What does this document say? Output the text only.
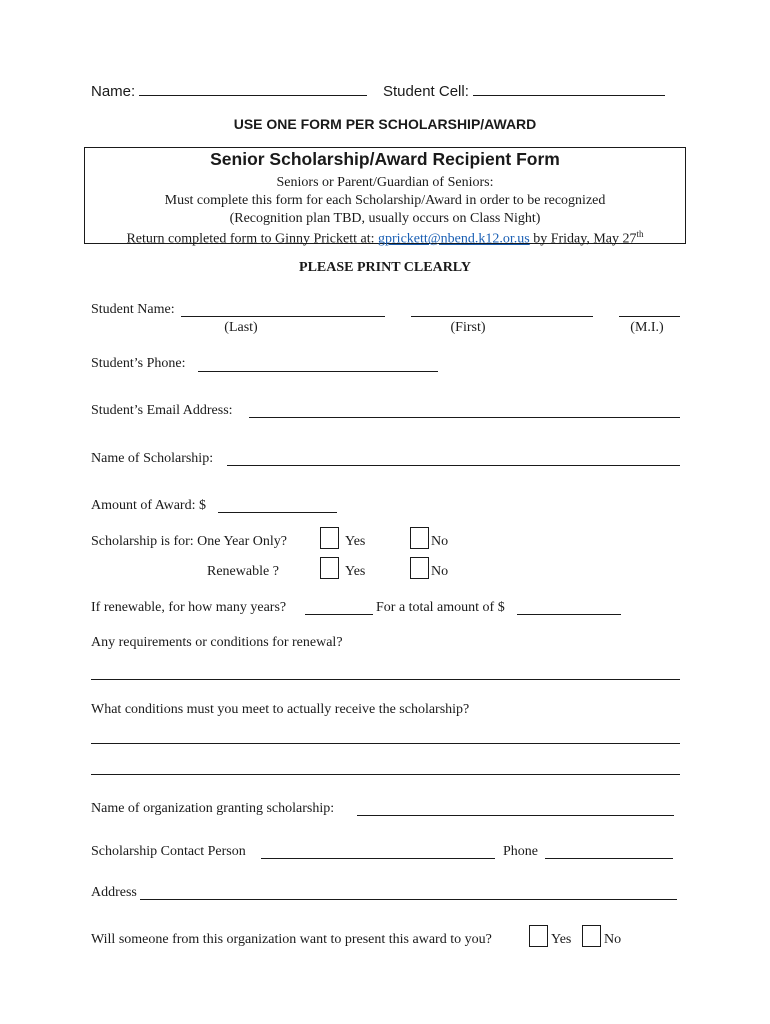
Name:	Student Cell:
USE ONE FORM PER SCHOLARSHIP/AWARD
Senior Scholarship/Award Recipient Form
Seniors or Parent/Guardian of Seniors:
Must complete this form for each Scholarship/Award in order to be recognized
(Recognition plan TBD, usually occurs on Class Night)
Return completed form to Ginny Prickett at: gprickett@nbend.k12.or.us by Friday, May 27th
PLEASE PRINT CLEARLY
Student Name:
(Last)	(First)	(M.I.)
Student’s Phone:
Student’s Email Address:
Name of Scholarship:
Amount of Award: $
Scholarship is for: One Year Only?	Yes	No
Renewable ?	Yes	No
If renewable, for how many years?	For a total amount of $
Any requirements or conditions for renewal?
What conditions must you meet to actually receive the scholarship?
Name of organization granting scholarship:
Scholarship Contact Person	Phone
Address
Will someone from this organization want to present this award to you?	Yes No
